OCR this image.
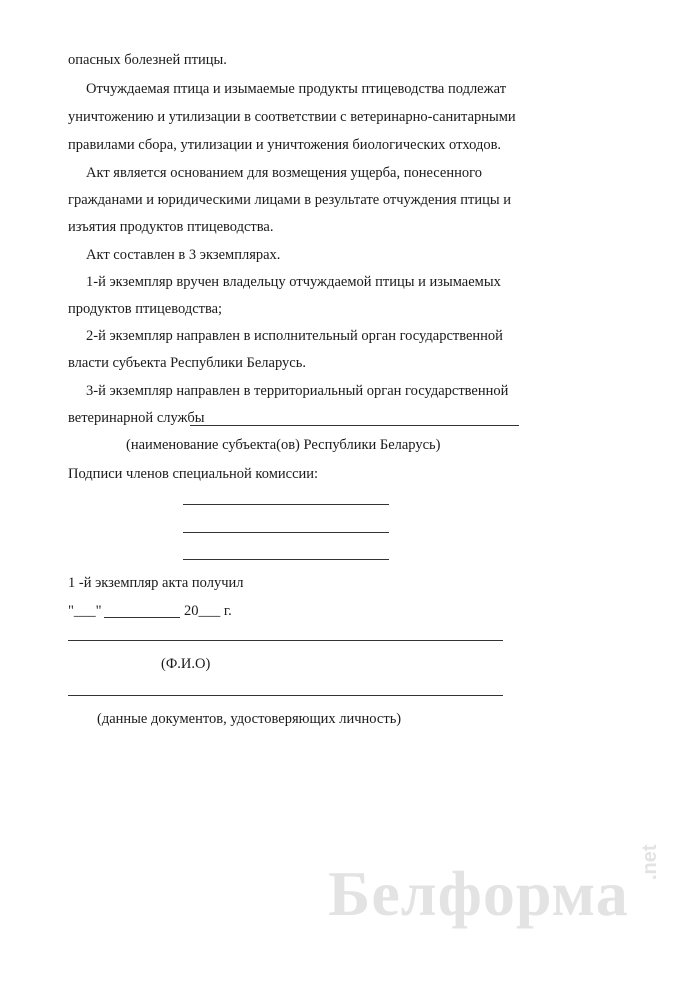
опасных болезней птицы.
Отчуждаемая птица и изымаемые продукты птицеводства подлежат
уничтожению и утилизации в соответствии с ветеринарно-санитарными
правилами сбора, утилизации и уничтожения биологических отходов.
Акт является основанием для возмещения ущерба, понесенного
гражданами и юридическими лицами в результате отчуждения птицы и
изъятия продуктов птицеводства.
Акт составлен в 3 экземплярах.
1-й экземпляр вручен владельцу отчуждаемой птицы и изымаемых
продуктов птицеводства;
2-й экземпляр направлен в исполнительный орган государственной
власти субъекта Республики Беларусь.
3-й экземпляр направлен в территориальный орган государственной
ветеринарной службы
(наименование субъекта(ов) Республики Беларусь)
Подписи членов специальной комиссии:
1 -й экземпляр акта получил
"___"	20___ г.
(Ф.И.О)
(данные документов, удостоверяющих личность)
Белформа .net
